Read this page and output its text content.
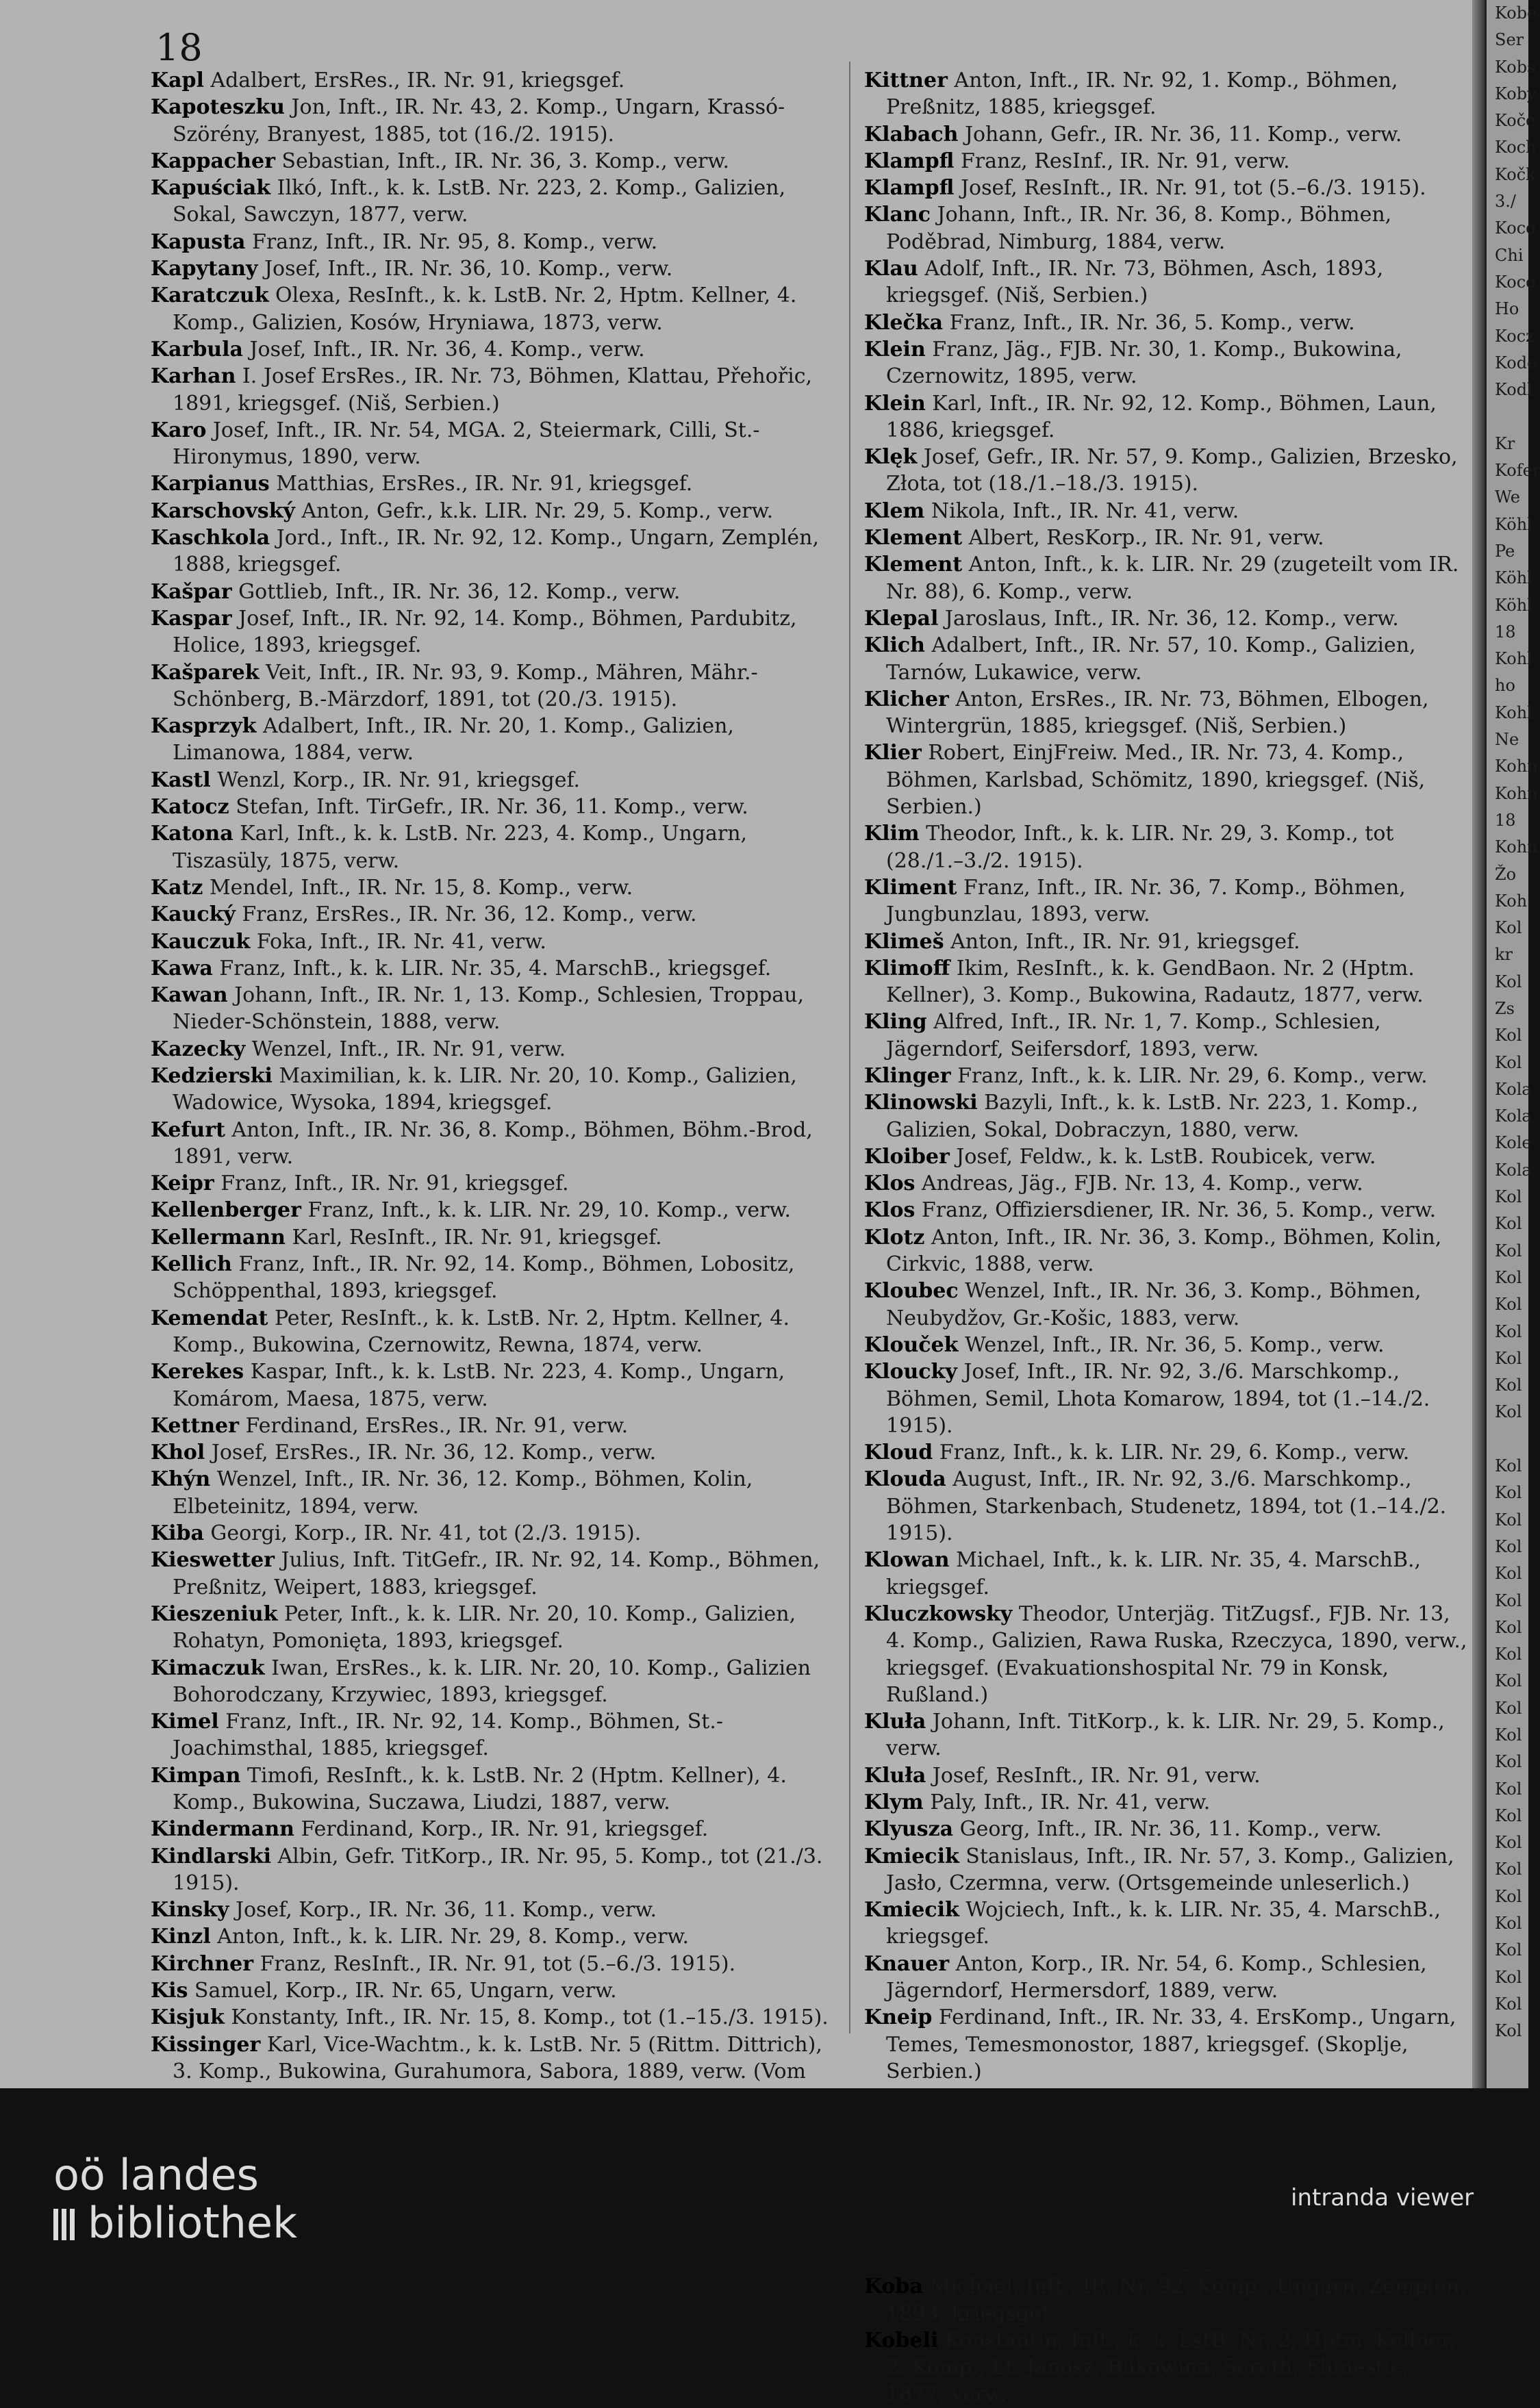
18

Kapl Adalbert, ErsRes., IR. Nr. 91, kriegsgef.

Kapoteszku Jon, Inft., IR. Nr. 43, 2. Komp., Ungarn, Krassó-Szörény, Branyest, 1885, tot (16./2. 1915).

Kappacher Sebastian, Inft., IR. Nr. 36, 3. Komp., verw.

Kapuściak Ilkó, Inft., k. k. LstB. Nr. 223, 2. Komp., Galizien, Sokal, Sawczyn, 1877, verw.

Kapusta Franz, Inft., IR. Nr. 95, 8. Komp., verw.

Kapytany Josef, Inft., IR. Nr. 36, 10. Komp., verw.

Karatczuk Olexa, ResInft., k. k. LstB. Nr. 2, Hptm. Kellner, 4. Komp., Galizien, Kosów, Hryniawa, 1873, verw.

Karbula Josef, Inft., IR. Nr. 36, 4. Komp., verw.

Karhan I. Josef ErsRes., IR. Nr. 73, Böhmen, Klattau, Přehořic, 1891, kriegsgef. (Niš, Serbien.)

Karo Josef, Inft., IR. Nr. 54, MGA. 2, Steiermark, Cilli, St.-Hironymus, 1890, verw.

Karpianus Matthias, ErsRes., IR. Nr. 91, kriegsgef.

Karschovský Anton, Gefr., k.k. LIR. Nr. 29, 5. Komp., verw.

Kaschkola Jord., Inft., IR. Nr. 92, 12. Komp., Ungarn, Zemplén, 1888, kriegsgef.

Kašpar Gottlieb, Inft., IR. Nr. 36, 12. Komp., verw.

Kaspar Josef, Inft., IR. Nr. 92, 14. Komp., Böhmen, Pardubitz, Holice, 1893, kriegsgef.

Kašparek Veit, Inft., IR. Nr. 93, 9. Komp., Mähren, Mähr.-Schönberg, B.-Märzdorf, 1891, tot (20./3. 1915).

Kasprzyk Adalbert, Inft., IR. Nr. 20, 1. Komp., Galizien, Limanowa, 1884, verw.

Kastl Wenzl, Korp., IR. Nr. 91, kriegsgef.

Katocz Stefan, Inft. TirGefr., IR. Nr. 36, 11. Komp., verw.

Katona Karl, Inft., k. k. LstB. Nr. 223, 4. Komp., Ungarn, Tiszasüly, 1875, verw.

Katz Mendel, Inft., IR. Nr. 15, 8. Komp., verw.

Kaucký Franz, ErsRes., IR. Nr. 36, 12. Komp., verw.

Kauczuk Foka, Inft., IR. Nr. 41, verw.

Kawa Franz, Inft., k. k. LIR. Nr. 35, 4. MarschB., kriegsgef.

Kawan Johann, Inft., IR. Nr. 1, 13. Komp., Schlesien, Troppau, Nieder-Schönstein, 1888, verw.

Kazecky Wenzel, Inft., IR. Nr. 91, verw.

Kedzierski Maximilian, k. k. LIR. Nr. 20, 10. Komp., Galizien, Wadowice, Wysoka, 1894, kriegsgef.

Kefurt Anton, Inft., IR. Nr. 36, 8. Komp., Böhmen, Böhm.-Brod, 1891, verw.

Keipr Franz, Inft., IR. Nr. 91, kriegsgef.

Kellenberger Franz, Inft., k. k. LIR. Nr. 29, 10. Komp., verw.

Kellermann Karl, ResInft., IR. Nr. 91, kriegsgef.

Kellich Franz, Inft., IR. Nr. 92, 14. Komp., Böhmen, Lobositz, Schöppenthal, 1893, kriegsgef.

Kemendat Peter, ResInft., k. k. LstB. Nr. 2, Hptm. Kellner, 4. Komp., Bukowina, Czernowitz, Rewna, 1874, verw.

Kerekes Kaspar, Inft., k. k. LstB. Nr. 223, 4. Komp., Ungarn, Komárom, Maesa, 1875, verw.

Kettner Ferdinand, ErsRes., IR. Nr. 91, verw.

Khol Josef, ErsRes., IR. Nr. 36, 12. Komp., verw.

Khýn Wenzel, Inft., IR. Nr. 36, 12. Komp., Böhmen, Kolin, Elbeteinitz, 1894, verw.

Kiba Georgi, Korp., IR. Nr. 41, tot (2./3. 1915).

Kieswetter Julius, Inft. TitGefr., IR. Nr. 92, 14. Komp., Böhmen, Preßnitz, Weipert, 1883, kriegsgef.

Kieszeniuk Peter, Inft., k. k. LIR. Nr. 20, 10. Komp., Galizien, Rohatyn, Pomonięta, 1893, kriegsgef.

Kimaczuk Iwan, ErsRes., k. k. LIR. Nr. 20, 10. Komp., Galizien Bohorodczany, Krzywiec, 1893, kriegsgef.

Kimel Franz, Inft., IR. Nr. 92, 14. Komp., Böhmen, St.-Joachimsthal, 1885, kriegsgef.

Kimpan Timofi, ResInft., k. k. LstB. Nr. 2 (Hptm. Kellner), 4. Komp., Bukowina, Suczawa, Liudzi, 1887, verw.

Kindermann Ferdinand, Korp., IR. Nr. 91, kriegsgef.

Kindlarski Albin, Gefr. TitKorp., IR. Nr. 95, 5. Komp., tot (21./3. 1915).

Kinsky Josef, Korp., IR. Nr. 36, 11. Komp., verw.

Kinzl Anton, Inft., k. k. LIR. Nr. 29, 8. Komp., verw.

Kirchner Franz, ResInft., IR. Nr. 91, tot (5.–6./3. 1915).

Kis Samuel, Korp., IR. Nr. 65, Ungarn, verw.

Kisjuk Konstanty, Inft., IR. Nr. 15, 8. Komp., tot (1.–15./3. 1915).

Kissinger Karl, Vice-Wachtm., k. k. LstB. Nr. 5 (Rittm. Dittrich), 3. Komp., Bukowina, Gurahumora, Sabora, 1889, verw. (Vom

Kittner Anton, Inft., IR. Nr. 92, 1. Komp., Böhmen, Preßnitz, 1885, kriegsgef.

Klabach Johann, Gefr., IR. Nr. 36, 11. Komp., verw.

Klampfl Franz, ResInf., IR. Nr. 91, verw.

Klampfl Josef, ResInft., IR. Nr. 91, tot (5.–6./3. 1915).

Klanc Johann, Inft., IR. Nr. 36, 8. Komp., Böhmen, Poděbrad, Nimburg, 1884, verw.

Klau Adolf, Inft., IR. Nr. 73, Böhmen, Asch, 1893, kriegsgef. (Niš, Serbien.)

Klečka Franz, Inft., IR. Nr. 36, 5. Komp., verw.

Klein Franz, Jäg., FJB. Nr. 30, 1. Komp., Bukowina, Czernowitz, 1895, verw.

Klein Karl, Inft., IR. Nr. 92, 12. Komp., Böhmen, Laun, 1886, kriegsgef.

Klęk Josef, Gefr., IR. Nr. 57, 9. Komp., Galizien, Brzesko, Złota, tot (18./1.–18./3. 1915).

Klem Nikola, Inft., IR. Nr. 41, verw.

Klement Albert, ResKorp., IR. Nr. 91, verw.

Klement Anton, Inft., k. k. LIR. Nr. 29 (zugeteilt vom IR. Nr. 88), 6. Komp., verw.

Klepal Jaroslaus, Inft., IR. Nr. 36, 12. Komp., verw.

Klich Adalbert, Inft., IR. Nr. 57, 10. Komp., Galizien, Tarnów, Lukawice, verw.

Klicher Anton, ErsRes., IR. Nr. 73, Böhmen, Elbogen, Wintergrün, 1885, kriegsgef. (Niš, Serbien.)

Klier Robert, EinjFreiw. Med., IR. Nr. 73, 4. Komp., Böhmen, Karlsbad, Schömitz, 1890, kriegsgef. (Niš, Serbien.)

Klim Theodor, Inft., k. k. LIR. Nr. 29, 3. Komp., tot (28./1.–3./2. 1915).

Kliment Franz, Inft., IR. Nr. 36, 7. Komp., Böhmen, Jungbunzlau, 1893, verw.

Klimeš Anton, Inft., IR. Nr. 91, kriegsgef.

Klimoff Ikim, ResInft., k. k. GendBaon. Nr. 2 (Hptm. Kellner), 3. Komp., Bukowina, Radautz, 1877, verw.

Kling Alfred, Inft., IR. Nr. 1, 7. Komp., Schlesien, Jägerndorf, Seifersdorf, 1893, verw.

Klinger Franz, Inft., k. k. LIR. Nr. 29, 6. Komp., verw.

Klinowski Bazyli, Inft., k. k. LstB. Nr. 223, 1. Komp., Galizien, Sokal, Dobraczyn, 1880, verw.

Kloiber Josef, Feldw., k. k. LstB. Roubicek, verw.

Klos Andreas, Jäg., FJB. Nr. 13, 4. Komp., verw.

Klos Franz, Offiziersdiener, IR. Nr. 36, 5. Komp., verw.

Klotz Anton, Inft., IR. Nr. 36, 3. Komp., Böhmen, Kolin, Cirkvic, 1888, verw.

Kloubec Wenzel, Inft., IR. Nr. 36, 3. Komp., Böhmen, Neubydžov, Gr.-Košic, 1883, verw.

Klouček Wenzel, Inft., IR. Nr. 36, 5. Komp., verw.

Kloucky Josef, Inft., IR. Nr. 92, 3./6. Marschkomp., Böhmen, Semil, Lhota Komarow, 1894, tot (1.–14./2. 1915).

Kloud Franz, Inft., k. k. LIR. Nr. 29, 6. Komp., verw.

Klouda August, Inft., IR. Nr. 92, 3./6. Marschkomp., Böhmen, Starkenbach, Studenetz, 1894, tot (1.–14./2. 1915).

Klowan Michael, Inft., k. k. LIR. Nr. 35, 4. MarschB., kriegsgef.

Kluczkowsky Theodor, Unterjäg. TitZugsf., FJB. Nr. 13, 4. Komp., Galizien, Rawa Ruska, Rzeczyca, 1890, verw., kriegsgef. (Evakuationshospital Nr. 79 in Konsk, Rußland.)

Kluła Johann, Inft. TitKorp., k. k. LIR. Nr. 29, 5. Komp., verw.

Kluła Josef, ResInft., IR. Nr. 91, verw.

Klym Paly, Inft., IR. Nr. 41, verw.

Klyusza Georg, Inft., IR. Nr. 36, 11. Komp., verw.

Kmiecik Stanislaus, Inft., IR. Nr. 57, 3. Komp., Galizien, Jasło, Czermna, verw. (Ortsgemeinde unleserlich.)

Kmiecik Wojciech, Inft., k. k. LIR. Nr. 35, 4. MarschB., kriegsgef.

Knauer Anton, Korp., IR. Nr. 54, 6. Komp., Schlesien, Jägerndorf, Hermersdorf, 1889, verw.

Kneip Ferdinand, Inft., IR. Nr. 33, 4. ErsKomp., Ungarn, Temes, Temesmonostor, 1887, kriegsgef. (Skoplje, Serbien.)

Koba Michael, Inft., IR. Nr. 92, Komp., Ungarn, Zemplén, 1893, kriegsgef.

Kobeli Konstantin, Inft., k. k. LstB. Nr. 2, Hptm. Kellner, 2. Komp., Lt. Janosz, Bukowina, Sereth, Flunestie, 1877, verw.

Kobe
Ser
Kobs
Koby
Koče
Koch
Kočk
3./
Koco
Chi
Koco
Ho
Kocz
Kode
Kodl
Kr
Kofer
We
Köhl
Pe
Köhl
Köhl
18
Kohl
ho
Kohl
Ne
Kohn
Kohn
18
Kohn
Žo
Koh
Kol
kr
Kol
Zs
Kol
Kol
Kola
Kola
Kole
Kola
Kol
Kol
Kol
Kol
Kol
Kol
Kol
Kol
Kol
Kol
Kol
Kol
Kol
Kol
Kol
Kol
Kol
Kol
Kol
Kol
Kol
Kol
Kol
Kol
Kol
Kol
Kol
Kol
Kol
Kol
Kol
oö landes
bibliothek	intranda viewer
